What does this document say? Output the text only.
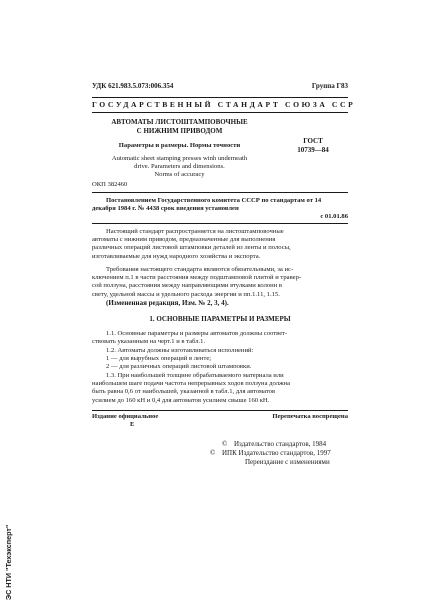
ЭС НТИ "Техэксперт"
УДК 621.983.5.073:006.354	Группа Г83
ГОСУДАРСТВЕННЫЙ СТАНДАРТ СОЮЗА ССР
АВТОМАТЫ ЛИСТОШТАМПОВОЧНЫЕ
С НИЖНИМ ПРИВОДОМ
Параметры и размеры. Нормы точности
Automatic sheet stamping presses winh underneath
drive. Parameters and dimensions.
Norms of accuracy
ОКП 382460
ГОСТ
10739—84
Постановлением Государственного комитета СССР по стандартам от 14
декабря 1984 г. № 4438 срок введения установлен
с 01.01.86

Настоящий стандарт распространяется на листоштамповочные

автоматы с нижним приводом, предназначенные для выполнения
различных операций листовой штамповки деталей из ленты и полосы,
изготавливаемые для нужд народного хозяйства и экспорта.

Требования настоящего стандарта являются обязательными, за ис-

ключением п.1 в части расстояния между подштамповой плитой и травер-
сой ползуна, расстояния между направляющими втулками колонн в
свету, удельной массы и удельного расхода энергии и пп.1.11, 1.15.
(Измененная редакция, Изм. № 2, 3, 4).
1. ОСНОВНЫЕ ПАРАМЕТРЫ И РАЗМЕРЫ

1.1. Основные параметры и размеры автоматов должны соответ-

ствовать указанным на черт.1 и в табл.1.

1.2. Автоматы должны изготавливаться исполнений:

1 — для вырубных операций в ленте;

2 — для различных операций листовой штамповки.

1.3. При наибольшей толщине обрабатываемого материала или

наибольшем шаге подачи частота непрерывных ходов ползуна должна
быть равна 0,6 от наибольшей, указанной в табл.1, для автоматов
усилием до 160 кН и 0,4 для автоматов усилием свыше 160 кН.
Издание официальное
E
Перепечатка воспрещена
© Издательство стандартов, 1984
© ИПК Издательство стандартов, 1997
Переиздание с изменениями
